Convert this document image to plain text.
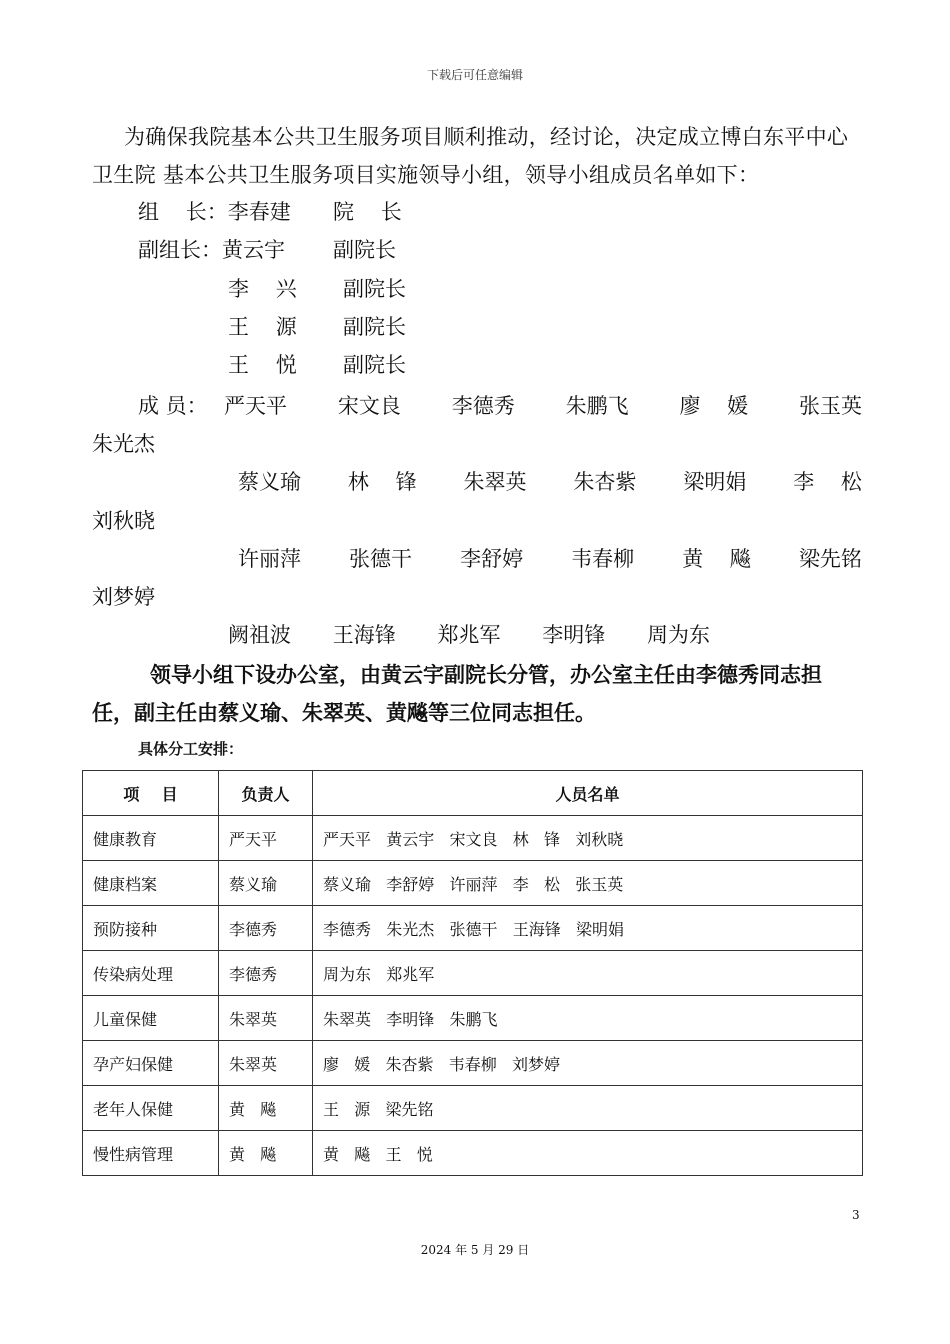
下载后可任意编辑
为确保我院基本公共卫生服务项目顺利推动，经讨论，决定成立博白东平中心卫生院 基本公共卫生服务项目实施领导小组，领导小组成员名单如下：
组    长：李春建 院    长
副组长：黄云宇 副院长
李    兴 副院长
王    源 副院长
王    悦 副院长
成 员： 严天平 宋文良 李德秀 朱鹏飞 廖    媛 张玉英
朱光杰
蔡义瑜 林    锋 朱翠英 朱杏紫 梁明娟 李    松
刘秋晓
许丽萍 张德干 李舒婷 韦春柳 黄    飚 梁先铭
刘梦婷
阙祖波 王海锋 郑兆军 李明锋 周为东
领导小组下设办公室，由黄云宇副院长分管，办公室主任由李德秀同志担任，副主任由蔡义瑜、朱翠英、黄飚等三位同志担任。
具体分工安排：
项    目	负责人	人员名单
健康教育	严天平	严天平   黄云宇   宋文良   林   锋   刘秋晓
健康档案	蔡义瑜	蔡义瑜   李舒婷   许丽萍   李   松   张玉英
预防接种	李德秀	李德秀   朱光杰   张德干   王海锋   梁明娟
传染病处理	李德秀	周为东   郑兆军
儿童保健	朱翠英	朱翠英   李明锋   朱鹏飞
孕产妇保健	朱翠英	廖   媛   朱杏紫   韦春柳   刘梦婷
老年人保健	黄   飚	王   源   梁先铭
慢性病管理	黄   飚	黄   飚   王   悦
3
2024 年 5 月 29 日
